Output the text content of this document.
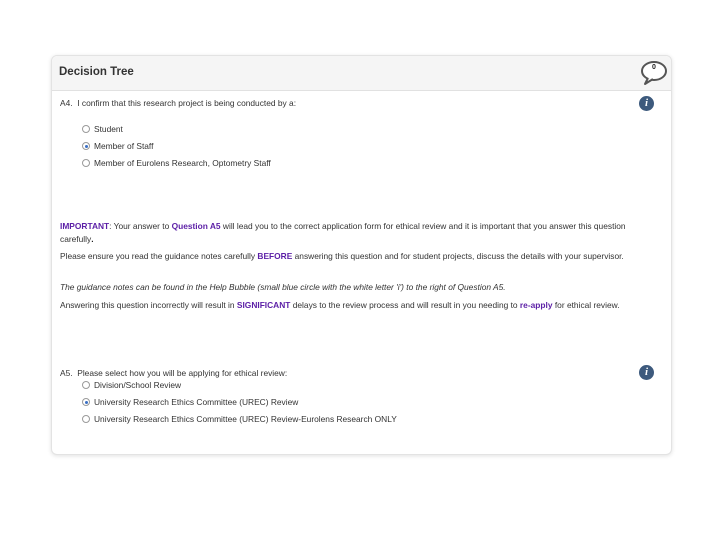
Decision Tree	0
A4. I confirm that this research project is being conducted by a:	i
Student
Member of Staff
Member of Eurolens Research, Optometry Staff
IMPORTANT: Your answer to Question A5 will lead you to the correct application form for ethical review and it is important that you answer this question carefully.
Please ensure you read the guidance notes carefully BEFORE answering this question and for student projects, discuss the details with your supervisor.
The guidance notes can be found in the Help Bubble (small blue circle with the white letter 'i') to the right of Question A5.
Answering this question incorrectly will result in SIGNIFICANT delays to the review process and will result in you needing to re-apply for ethical review.
A5. Please select how you will be applying for ethical review:	i
Division/School Review
University Research Ethics Committee (UREC) Review
University Research Ethics Committee (UREC) Review-Eurolens Research ONLY
